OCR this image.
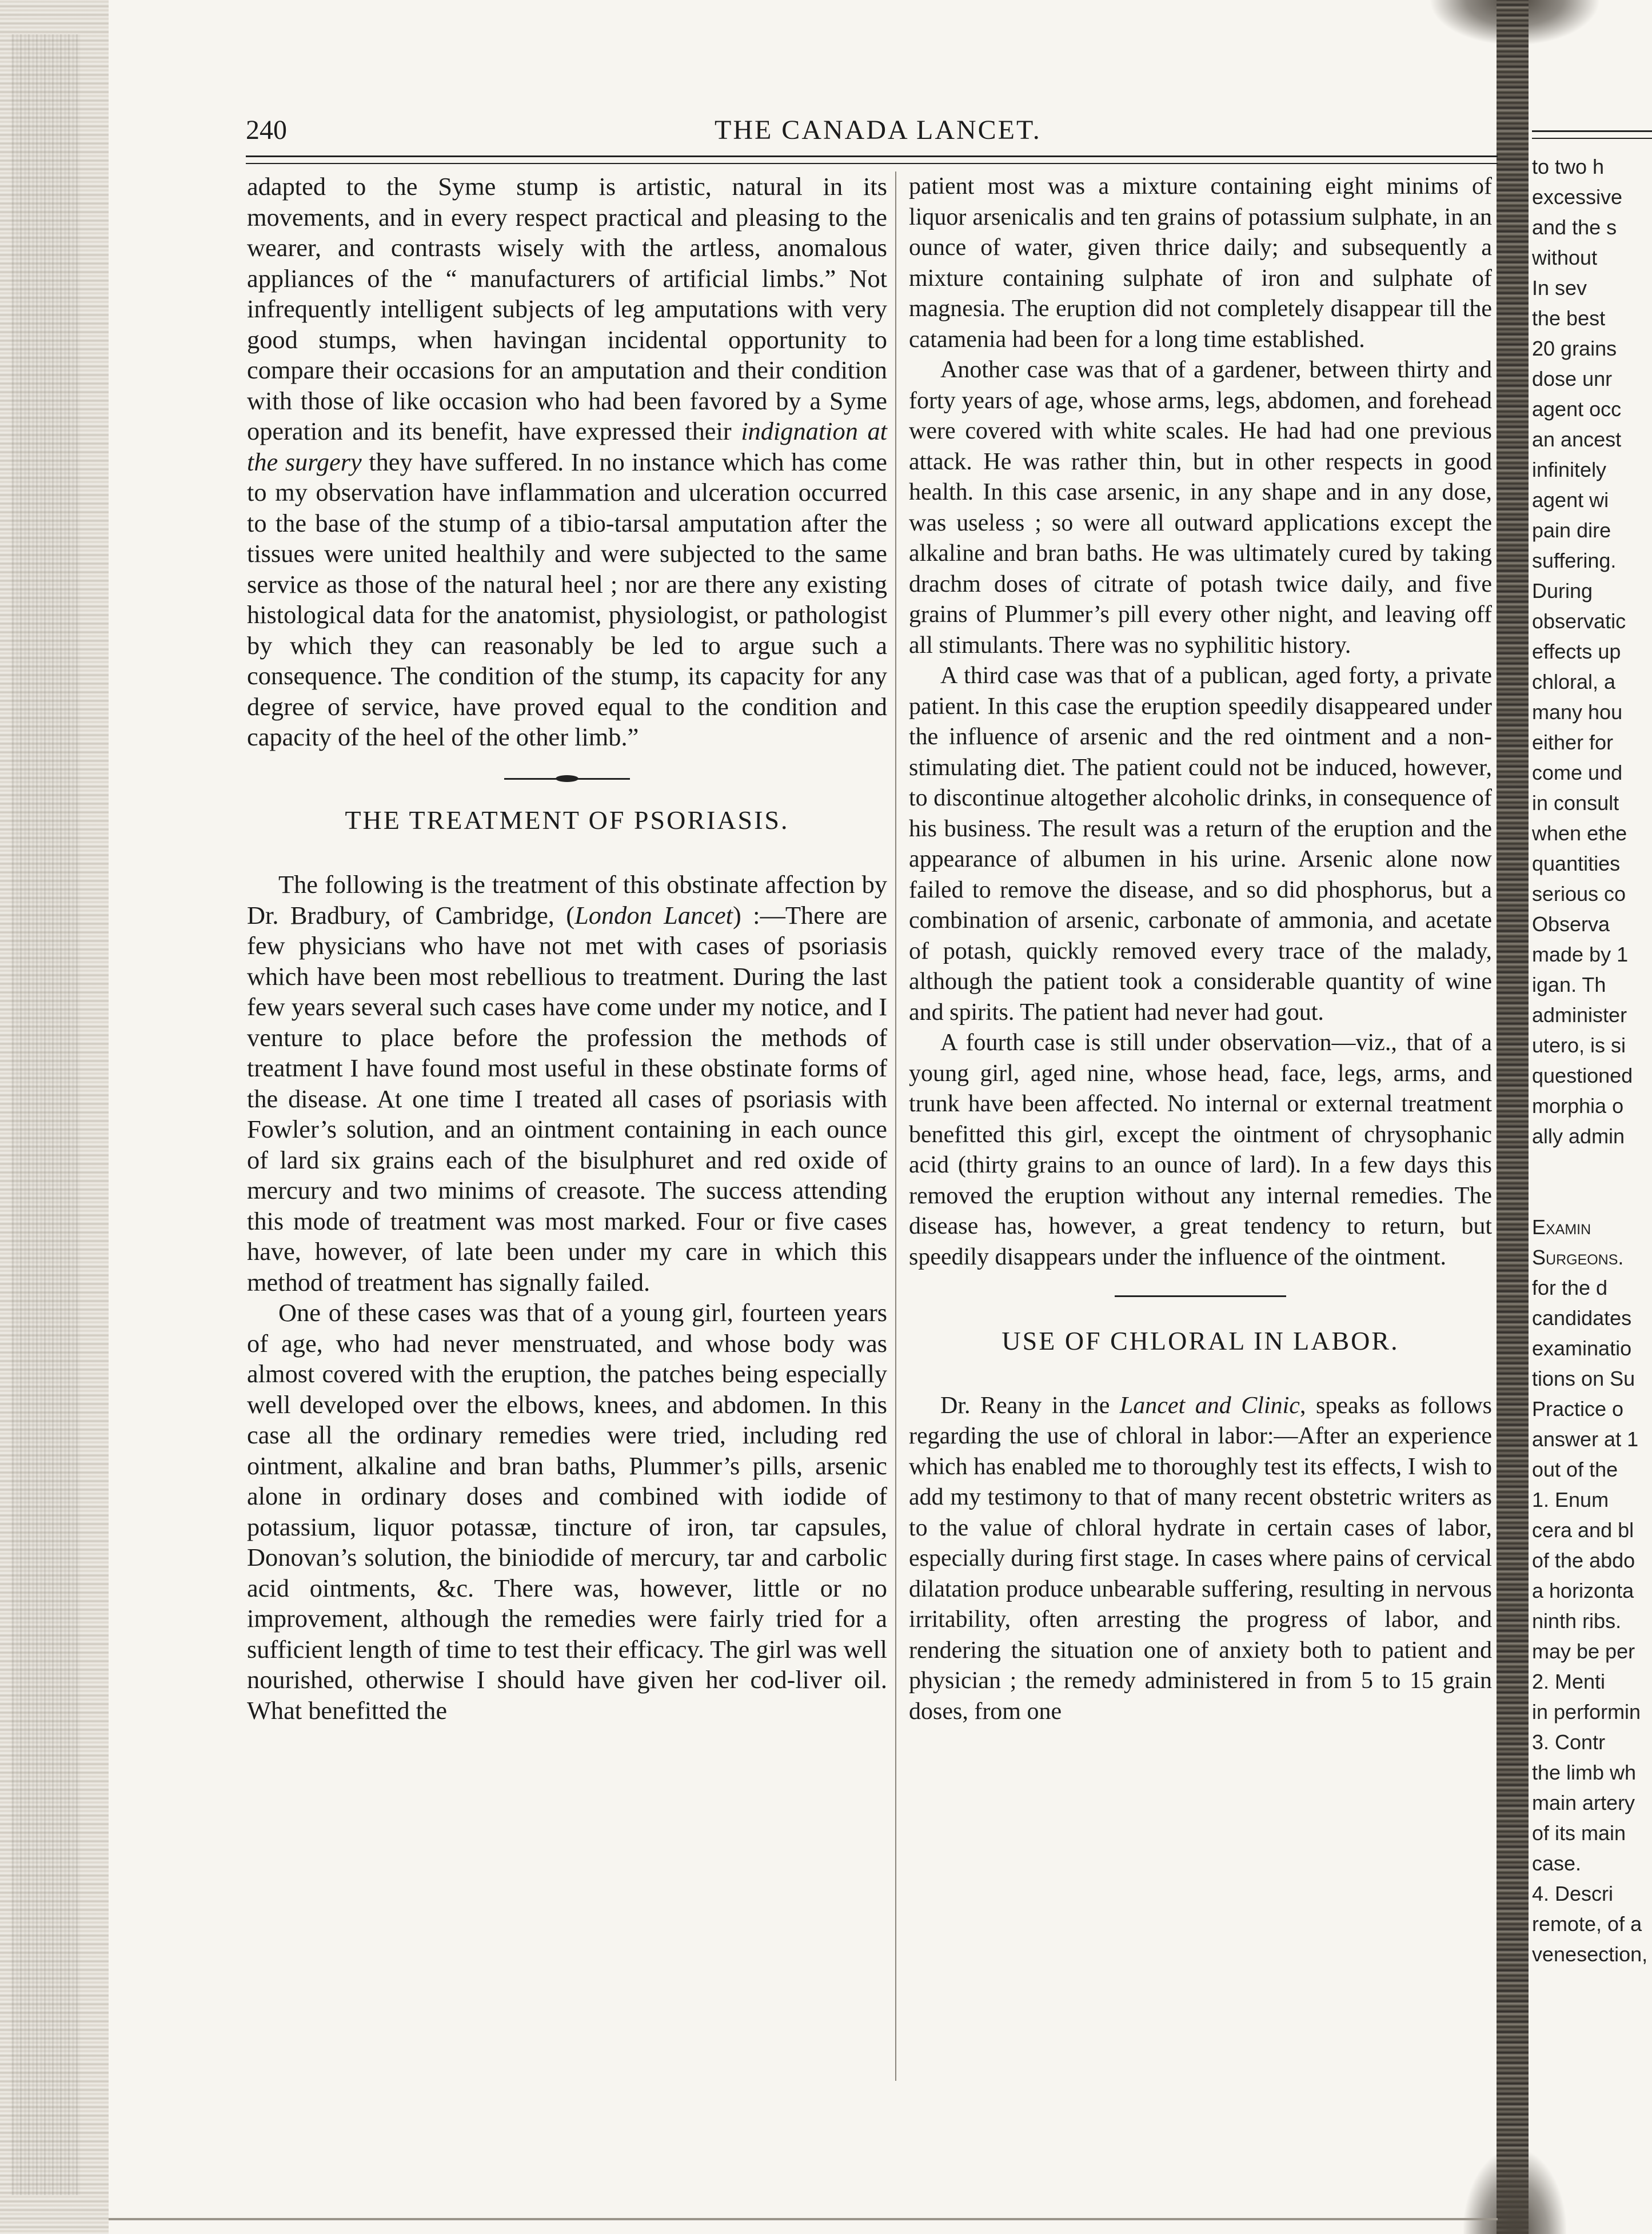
240	THE CANADA LANCET.

adapted to the Syme stump is artistic, natural in its movements, and in every respect practical and pleasing to the wearer, and contrasts wisely with the artless, anomalous appliances of the “ manufacturers of artificial limbs.” Not infrequently intelligent subjects of leg amputations with very good stumps, when havingan incidental opportunity to compare their occasions for an amputation and their condition with those of like occasion who had been favored by a Syme operation and its benefit, have expressed their indignation at the surgery they have suffered. In no instance which has come to my observation have inflammation and ulceration occurred to the base of the stump of a tibio-tarsal amputation after the tissues were united healthily and were subjected to the same service as those of the natural heel ; nor are there any existing histological data for the anatomist, physiologist, or pathologist by which they can reasonably be led to argue such a consequence. The condition of the stump, its capacity for any degree of service, have proved equal to the condition and capacity of the heel of the other limb.”

THE TREATMENT OF PSORIASIS.

The following is the treatment of this obstinate affection by Dr. Bradbury, of Cambridge, (London Lancet) :—There are few physicians who have not met with cases of psoriasis which have been most rebellious to treatment. During the last few years several such cases have come under my notice, and I venture to place before the profession the methods of treatment I have found most useful in these obstinate forms of the disease. At one time I treated all cases of psoriasis with Fowler’s solution, and an ointment containing in each ounce of lard six grains each of the bisulphuret and red oxide of mercury and two minims of creasote. The success attending this mode of treatment was most marked. Four or five cases have, however, of late been under my care in which this method of treatment has signally failed.

One of these cases was that of a young girl, fourteen years of age, who had never menstruated, and whose body was almost covered with the eruption, the patches being especially well developed over the elbows, knees, and abdomen. In this case all the ordinary remedies were tried, including red ointment, alkaline and bran baths, Plummer’s pills, arsenic alone in ordinary doses and combined with iodide of potassium, liquor potassæ, tincture of iron, tar capsules, Donovan’s solution, the biniodide of mercury, tar and carbolic acid ointments, &c. There was, however, little or no improvement, although the remedies were fairly tried for a sufficient length of time to test their efficacy. The girl was well nourished, otherwise I should have given her cod-liver oil. What benefitted the

patient most was a mixture containing eight minims of liquor arsenicalis and ten grains of potassium sulphate, in an ounce of water, given thrice daily; and subsequently a mixture containing sulphate of iron and sulphate of magnesia. The eruption did not completely disappear till the catamenia had been for a long time established.

Another case was that of a gardener, between thirty and forty years of age, whose arms, legs, abdomen, and forehead were covered with white scales. He had had one previous attack. He was rather thin, but in other respects in good health. In this case arsenic, in any shape and in any dose, was useless ; so were all outward applications except the alkaline and bran baths. He was ultimately cured by taking drachm doses of citrate of potash twice daily, and five grains of Plummer’s pill every other night, and leaving off all stimulants. There was no syphilitic history.

A third case was that of a publican, aged forty, a private patient. In this case the eruption speedily disappeared under the influence of arsenic and the red ointment and a non-stimulating diet. The patient could not be induced, however, to discontinue altogether alcoholic drinks, in consequence of his business. The result was a return of the eruption and the appearance of albumen in his urine. Arsenic alone now failed to remove the disease, and so did phosphorus, but a combination of arsenic, carbonate of ammonia, and acetate of potash, quickly removed every trace of the malady, although the patient took a considerable quantity of wine and spirits. The patient had never had gout.

A fourth case is still under observation—viz., that of a young girl, aged nine, whose head, face, legs, arms, and trunk have been affected. No internal or external treatment benefitted this girl, except the ointment of chrysophanic acid (thirty grains to an ounce of lard). In a few days this removed the eruption without any internal remedies. The disease has, however, a great tendency to return, but speedily disappears under the influence of the ointment.

USE OF CHLORAL IN LABOR.

Dr. Reany in the Lancet and Clinic, speaks as follows regarding the use of chloral in labor:—After an experience which has enabled me to thoroughly test its effects, I wish to add my testimony to that of many recent obstetric writers as to the value of chloral hydrate in certain cases of labor, especially during first stage. In cases where pains of cervical dilatation produce unbearable suffering, resulting in nervous irritability, often arresting the progress of labor, and rendering the situation one of anxiety both to patient and physician ; the remedy administered in from 5 to 15 grain doses, from one

to two h
excessive
and the s
without
In sev
the best
20 grains
dose unr
agent occ
an ancest
infinitely
agent wi
pain dire
suffering.
During
observatic
effects up
chloral, a
many hou
either for
come und
in consult
when ethe
quantities
serious co
Observa
made by 1
igan. Th
administer
utero, is si
questioned
morphia o
ally admin
Examin
Surgeons.
for the d
candidates
examinatio
tions on Su
Practice o
answer at 1
out of the
1. Enum
cera and bl
of the abdo
a horizonta
ninth ribs.
may be per
2. Menti
in performin
3. Contr
the limb wh
main artery
of its main
case.
4. Descri
remote, of a
venesection,
